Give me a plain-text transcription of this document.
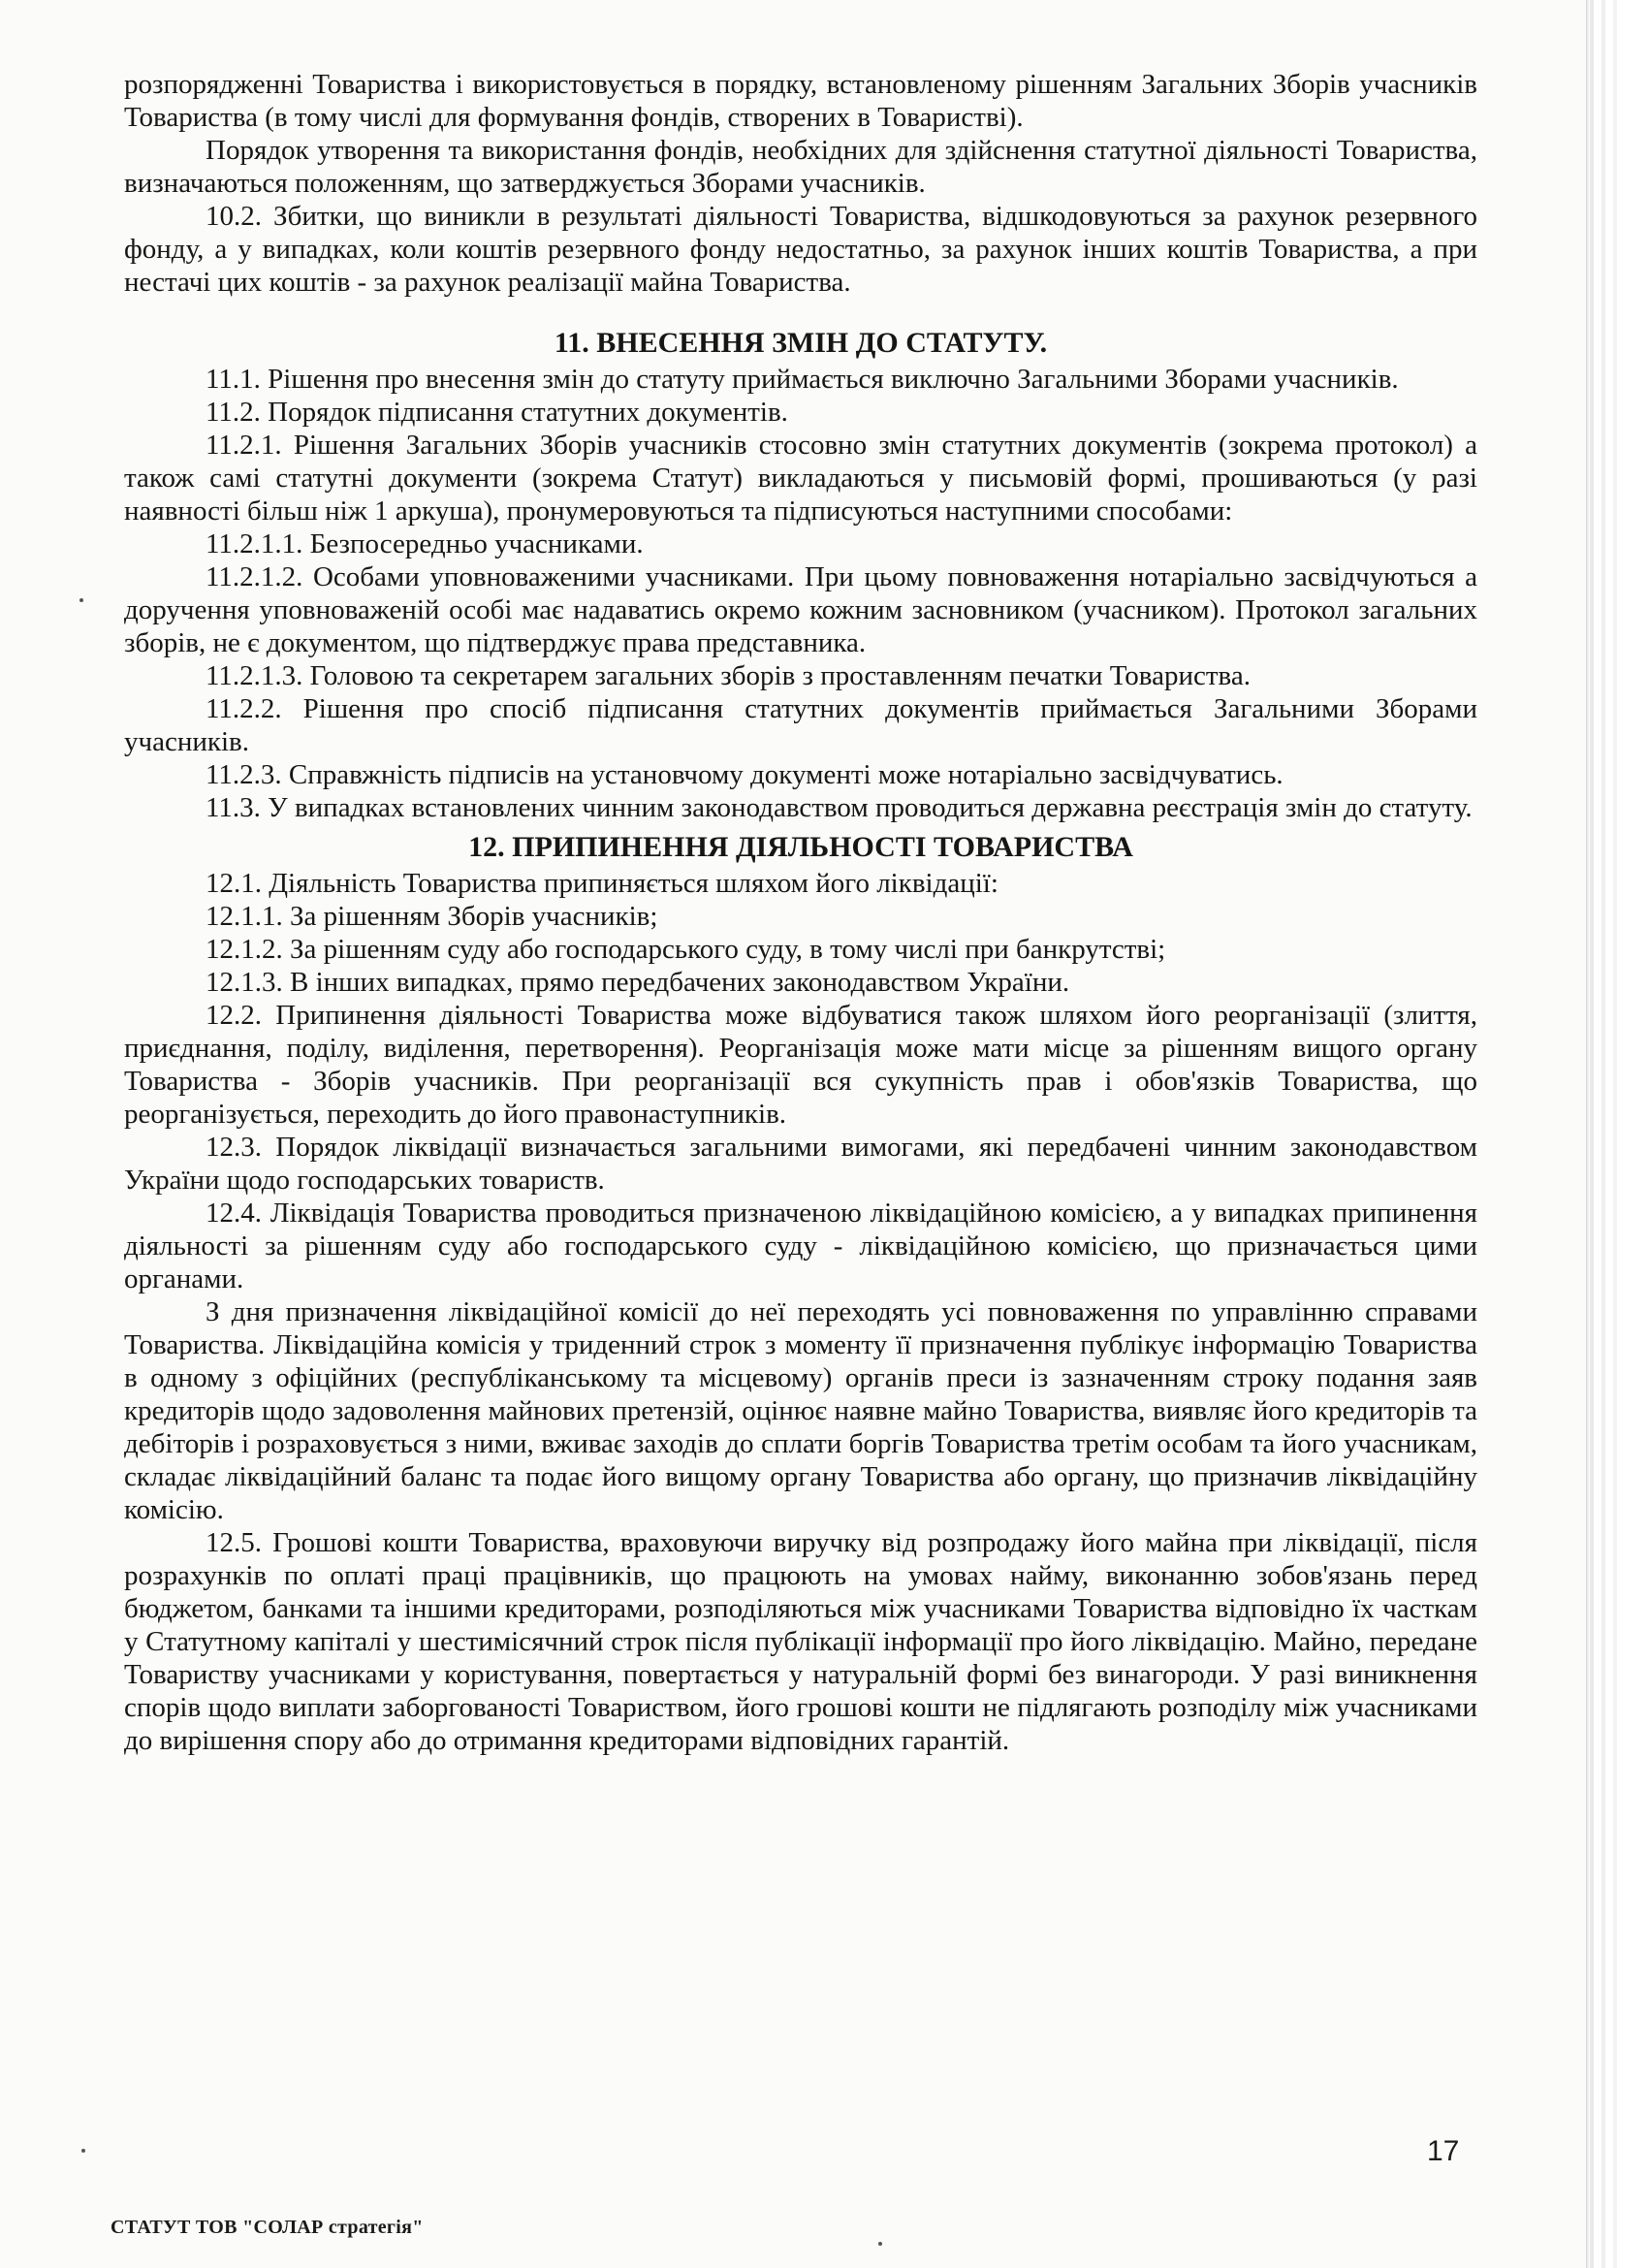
розпорядженні Товариства і використовується в порядку, встановленому рішенням Загальних Зборів учасників Товариства (в тому числі для формування фондів, створених в Товаристві).

Порядок утворення та використання фондів, необхідних для здійснення статутної діяльності Товариства, визначаються положенням, що затверджується Зборами учасників.

10.2. Збитки, що виникли в результаті діяльності Товариства, відшкодовуються за рахунок резервного фонду, а у випадках, коли коштів резервного фонду недостатньо, за рахунок інших коштів Товариства, а при нестачі цих коштів - за рахунок реалізації майна Товариства.

11. ВНЕСЕННЯ ЗМІН ДО СТАТУТУ.

11.1. Рішення про внесення змін до статуту приймається виключно Загальними Зборами учасників.

11.2. Порядок підписання статутних документів.

11.2.1. Рішення Загальних Зборів учасників стосовно змін статутних документів (зокрема протокол) а також самі статутні документи (зокрема Статут) викладаються у письмовій формі, прошиваються (у разі наявності більш ніж 1 аркуша), пронумеровуються та підписуються наступними способами:

11.2.1.1. Безпосередньо учасниками.

11.2.1.2. Особами уповноваженими учасниками. При цьому повноваження нотаріально засвідчуються а доручення уповноваженій особі має надаватись окремо кожним засновником (учасником). Протокол загальних зборів, не є документом, що підтверджує права представника.

11.2.1.3. Головою та секретарем загальних зборів з проставленням печатки Товариства.

11.2.2. Рішення про спосіб підписання статутних документів приймається Загальними Зборами учасників.

11.2.3. Справжність підписів на установчому документі може нотаріально засвідчуватись.

11.3. У випадках встановлених чинним законодавством проводиться державна реєстрація змін до статуту.

12. ПРИПИНЕННЯ ДІЯЛЬНОСТІ ТОВАРИСТВА

12.1. Діяльність Товариства припиняється шляхом його ліквідації:

12.1.1. За рішенням Зборів учасників;

12.1.2. За рішенням суду або господарського суду, в тому числі при банкрутстві;

12.1.3. В інших випадках, прямо передбачених законодавством України.

12.2. Припинення діяльності Товариства може відбуватися також шляхом його реорганізації (злиття, приєднання, поділу, виділення, перетворення). Реорганізація може мати місце за рішенням вищого органу Товариства - Зборів учасників. При реорганізації вся сукупність прав і обов'язків Товариства, що реорганізується, переходить до його правонаступників.

12.3. Порядок ліквідації визначається загальними вимогами, які передбачені чинним законодавством України щодо господарських товариств.

12.4. Ліквідація Товариства проводиться призначеною ліквідаційною комісією, а у випадках припинення діяльності за рішенням суду або господарського суду - ліквідаційною комісією, що призначається цими органами.

З дня призначення ліквідаційної комісії до неї переходять усі повноваження по управлінню справами Товариства. Ліквідаційна комісія у триденний строк з моменту її призначення публікує інформацію Товариства в одному з офіційних (республіканському та місцевому) органів преси із зазначенням строку подання заяв кредиторів щодо задоволення майнових претензій, оцінює наявне майно Товариства, виявляє його кредиторів та дебіторів і розраховується з ними, вживає заходів до сплати боргів Товариства третім особам та його учасникам, складає ліквідаційний баланс та подає його вищому органу Товариства або органу, що призначив ліквідаційну комісію.

12.5. Грошові кошти Товариства, враховуючи виручку від розпродажу його майна при ліквідації, після розрахунків по оплаті праці працівників, що працюють на умовах найму, виконанню зобов'язань перед бюджетом, банками та іншими кредиторами, розподіляються між учасниками Товариства відповідно їх часткам у Статутному капіталі у шестимісячний строк після публікації інформації про його ліквідацію. Майно, передане Товариству учасниками у користування, повертається у натуральній формі без винагороди. У разі виникнення спорів щодо виплати заборгованості Товариством, його грошові кошти не підлягають розподілу між учасниками до вирішення спору або до отримання кредиторами відповідних гарантій.

17
СТАТУТ ТОВ "СОЛАР стратегія"
